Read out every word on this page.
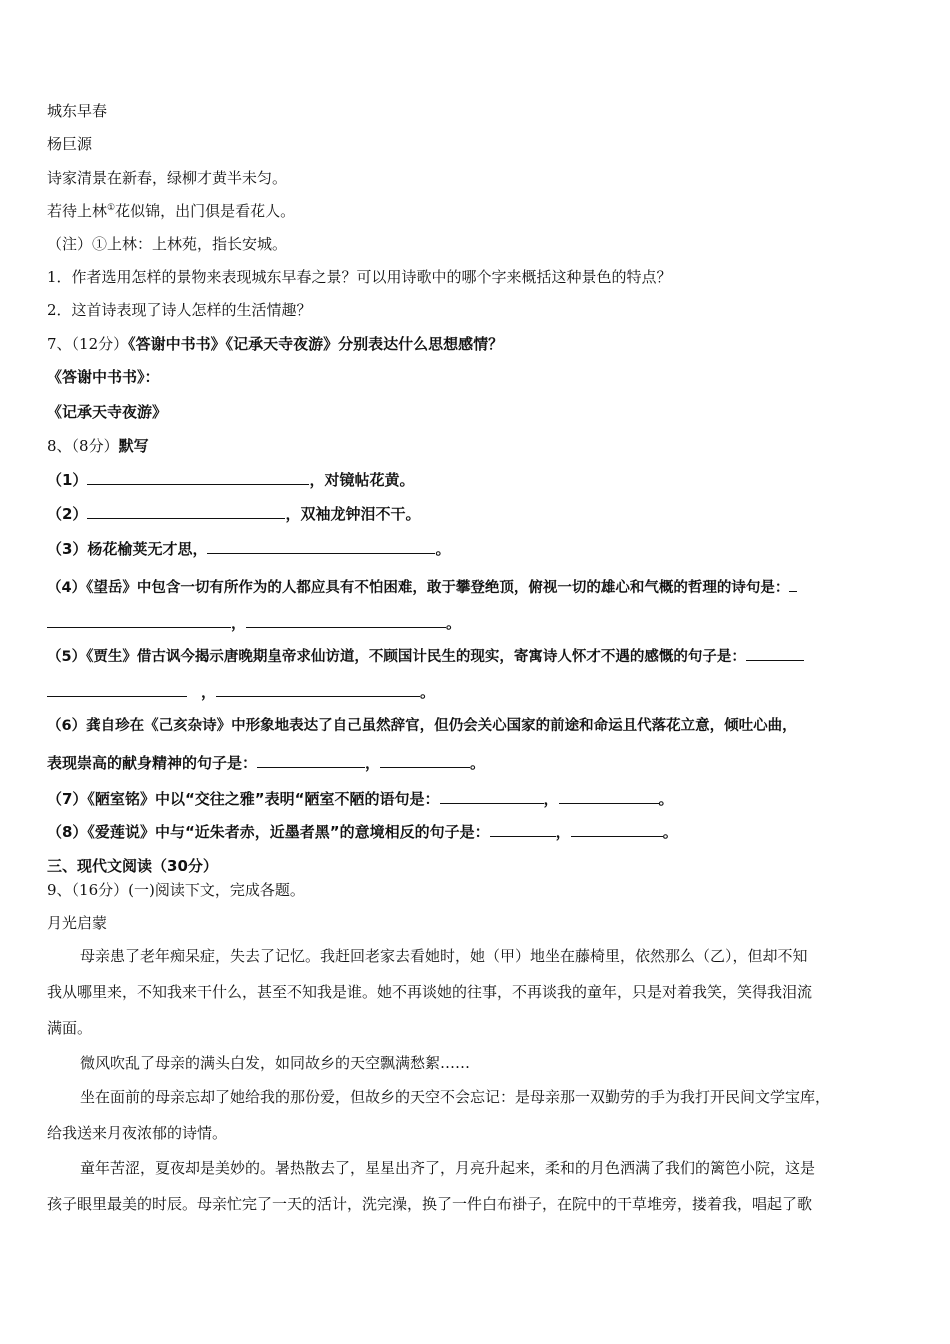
城东早春
杨巨源
诗家清景在新春，绿柳才黄半未匀。
若待上林①花似锦，出门俱是看花人。
（注）①上林：上林苑，指长安城。
1．作者选用怎样的景物来表现城东早春之景？可以用诗歌中的哪个字来概括这种景色的特点？
2．这首诗表现了诗人怎样的生活情趣？
7、（12分）《答谢中书书》《记承天寺夜游》分别表达什么思想感情？
《答谢中书书》：
《记承天寺夜游》
8、（8分）默写
（1）	，对镜帖花黄。
（2）	，双袖龙钟泪不干。
（3）杨花榆荚无才思，	。
（4）《望岳》中包含一切有所作为的人都应具有不怕困难，敢于攀登绝顶，俯视一切的雄心和气概的哲理的诗句是：
，	。
（5）《贾生》借古讽今揭示唐晚期皇帝求仙访道，不顾国计民生的现实，寄寓诗人怀才不遇的感慨的句子是：
，	。
（6）龚自珍在《己亥杂诗》中形象地表达了自己虽然辞官，但仍会关心国家的前途和命运且代落花立意，倾吐心曲，
表现崇高的献身精神的句子是：	，	。
（7）《陋室铭》中以“交往之雅”表明“陋室不陋的语句是：	，	。
（8）《爱莲说》中与“近朱者赤，近墨者黑”的意境相反的句子是：	，	。
三、现代文阅读（30分）
9、（16分）(一)阅读下文，完成各题。
月光启蒙
母亲患了老年痴呆症，失去了记忆。我赶回老家去看她时，她（甲）地坐在藤椅里，依然那么（乙），但却不知
我从哪里来，不知我来干什么，甚至不知我是谁。她不再谈她的往事，不再谈我的童年，只是对着我笑，笑得我泪流
满面。
微风吹乱了母亲的满头白发，如同故乡的天空飘满愁絮……
坐在面前的母亲忘却了她给我的那份爱，但故乡的天空不会忘记：是母亲那一双勤劳的手为我打开民间文学宝库，
给我送来月夜浓郁的诗情。
童年苦涩，夏夜却是美妙的。暑热散去了，星星出齐了，月亮升起来，柔和的月色洒满了我们的篱笆小院，这是
孩子眼里最美的时辰。母亲忙完了一天的活计，洗完澡，换了一件白布褂子，在院中的干草堆旁，搂着我，唱起了歌
